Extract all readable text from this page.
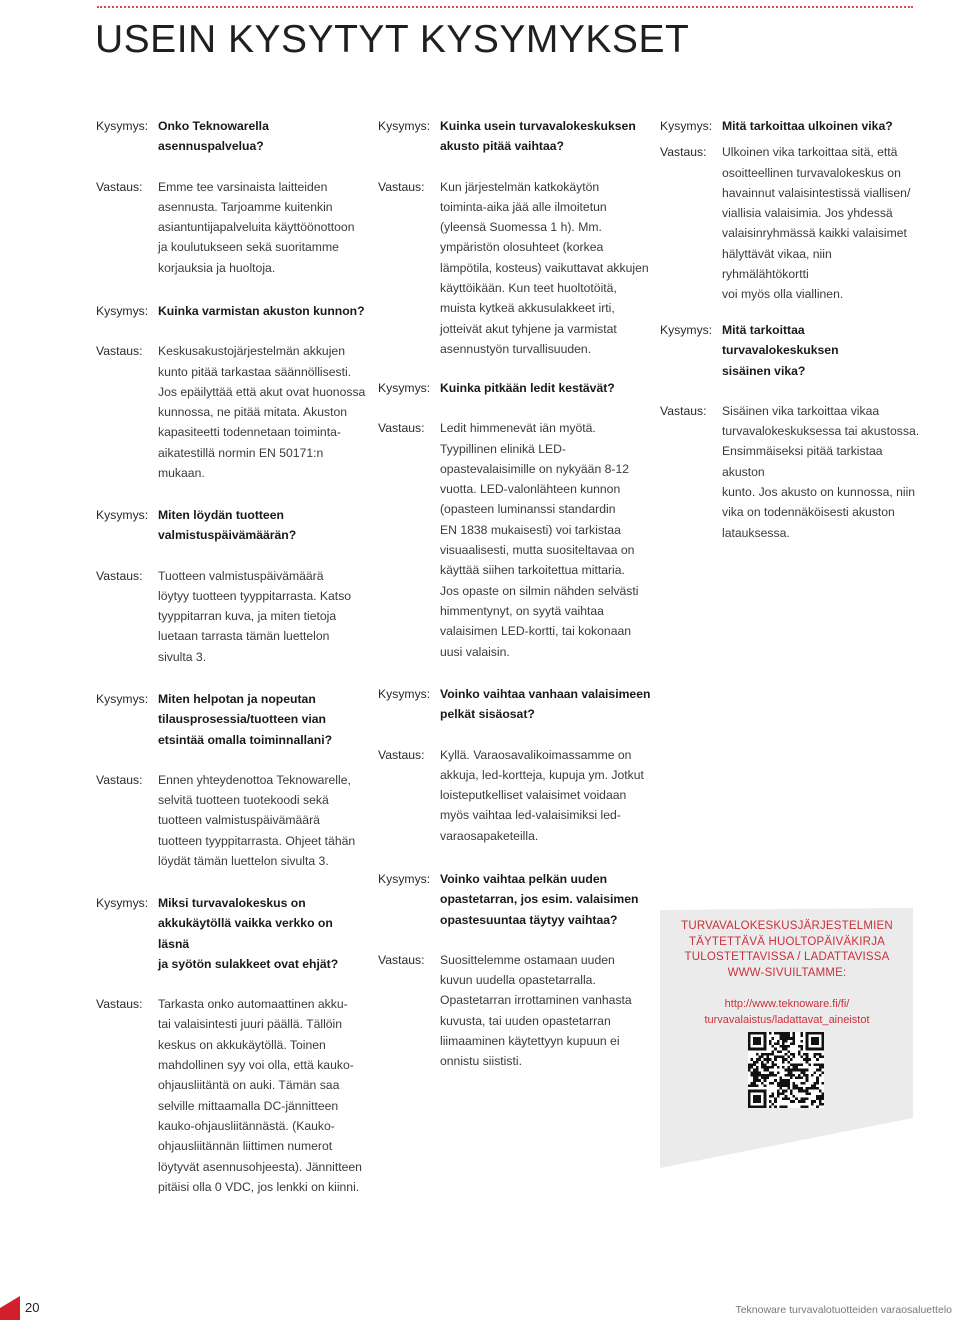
USEIN KYSYTYT KYSYMYKSET
Kysymys: Onko Teknowarella
asennuspalvelua?
Vastaus:	Emme tee varsinaista laitteiden
asennusta. Tarjoamme kuitenkin
asiantuntijapalveluita käyttöönottoon
ja koulutukseen sekä suoritamme
korjauksia ja huoltoja.
Kysymys: Kuinka varmistan akuston kunnon?
Vastaus:	Keskusakustojärjestelmän akkujen
kunto pitää tarkastaa säännöllisesti.
Jos epäilyttää että akut ovat huonossa
kunnossa, ne pitää mitata. Akuston
kapasiteetti todennetaan toiminta-
aikatestillä normin EN 50171:n
mukaan.
Kysymys: Miten löydän tuotteen
valmistuspäivämäärän?
Vastaus:	Tuotteen valmistuspäivämäärä
löytyy tuotteen tyyppitarrasta. Katso
tyyppitarran kuva, ja miten tietoja
luetaan tarrasta tämän luettelon
sivulta 3.
Kysymys: Kuinka usein turvavalokeskuksen
akusto pitää vaihtaa?
Vastaus:	Kun järjestelmän katkokäytön
toiminta-aika jää alle ilmoitetun
(yleensä Suomessa 1 h). Mm.
ympäristön olosuhteet (korkea
lämpötila, kosteus) vaikuttavat akkujen
käyttöikään. Kun teet huoltotöitä,
muista kytkeä akkusulakkeet irti,
jotteivät akut tyhjene ja varmistat
asennustyön turvallisuuden.
Kysymys: Kuinka pitkään ledit kestävät?
Vastaus:	Ledit himmenevät iän myötä.
Tyypillinen elinikä LED-
opastevalaisimille on nykyään 8-12
vuotta. LED-valonlähteen kunnon
(opasteen luminanssi standardin
EN 1838 mukaisesti) voi tarkistaa
visuaalisesti, mutta suositeltavaa on
käyttää siihen tarkoitettua mittaria.
Jos opaste on silmin nähden selvästi
himmentynyt, on syytä vaihtaa
valaisimen LED-kortti, tai kokonaan
uusi valaisin.
Kysymys: Mitä tarkoittaa ulkoinen vika?
Vastaus:	Ulkoinen vika tarkoittaa sitä, että
osoitteellinen turvavalokeskus on
havainnut valaisintestissä viallisen/
viallisia valaisimia. Jos yhdessä
valaisinryhmässä kaikki valaisimet
hälyttävät vikaa, niin ryhmälähtökortti
voi myös olla viallinen.
Kysymys: Mitä tarkoittaa turvavalokeskuksen
sisäinen vika?
Vastaus:	Sisäinen vika tarkoittaa vikaa
turvavalokeskuksessa tai akustossa.
Ensimmäiseksi pitää tarkistaa akuston
kunto. Jos akusto on kunnossa, niin
vika on todennäköisesti akuston
latauksessa.
Kysymys: Miten helpotan ja nopeutan
tilausprosessia/tuotteen vian
etsintää omalla toiminnallani?
Vastaus:	Ennen yhteydenottoa Teknowarelle,
selvitä tuotteen tuotekoodi sekä
tuotteen valmistuspäivämäärä
tuotteen tyyppitarrasta. Ohjeet tähän
löydät tämän luettelon sivulta 3.
Kysymys: Voinko vaihtaa vanhaan valaisimeen
pelkät sisäosat?
Vastaus:	Kyllä. Varaosavalikoimassamme on
akkuja, led-kortteja, kupuja ym. Jotkut
loisteputkelliset valaisimet voidaan
myös vaihtaa led-valaisimiksi led-
varaosapaketeilla.
Kysymys: Miksi turvavalokeskus on
akkukäytöllä vaikka verkko on läsnä
ja syötön sulakkeet ovat ehjät?
Vastaus:	Tarkasta onko automaattinen akku-
tai valaisintesti juuri päällä. Tällöin
keskus on akkukäytöllä. Toinen
mahdollinen syy voi olla, että kauko-
ohjausliitäntä on auki. Tämän saa
selville mittaamalla DC-jännitteen
kauko-ohjausliitännästä. (Kauko-
ohjausliitännän liittimen numerot
löytyvät asennusohjeesta). Jännitteen
pitäisi olla 0 VDC, jos lenkki on kiinni.
Kysymys: Voinko vaihtaa pelkän uuden
opastetarran, jos esim. valaisimen
opastesuuntaa täytyy vaihtaa?
Vastaus:	Suosittelemme ostamaan uuden
kuvun uudella opastetarralla.
Opastetarran irrottaminen vanhasta
kuvusta, tai uuden opastetarran
liimaaminen käytettyyn kupuun ei
onnistu siististi.
TURVAVALOKESKUSJÄRJESTELMIEN
TÄYTETTÄVÄ HUOLTOPÄIVÄKIRJA
TULOSTETTAVISSA / LADATTAVISSA
WWW-SIVUILTAMME:
http://www.teknoware.fi/fi/
turvavalaistus/ladattavat_aineistot
20	Teknoware turvavalotuotteiden varaosaluettelo
